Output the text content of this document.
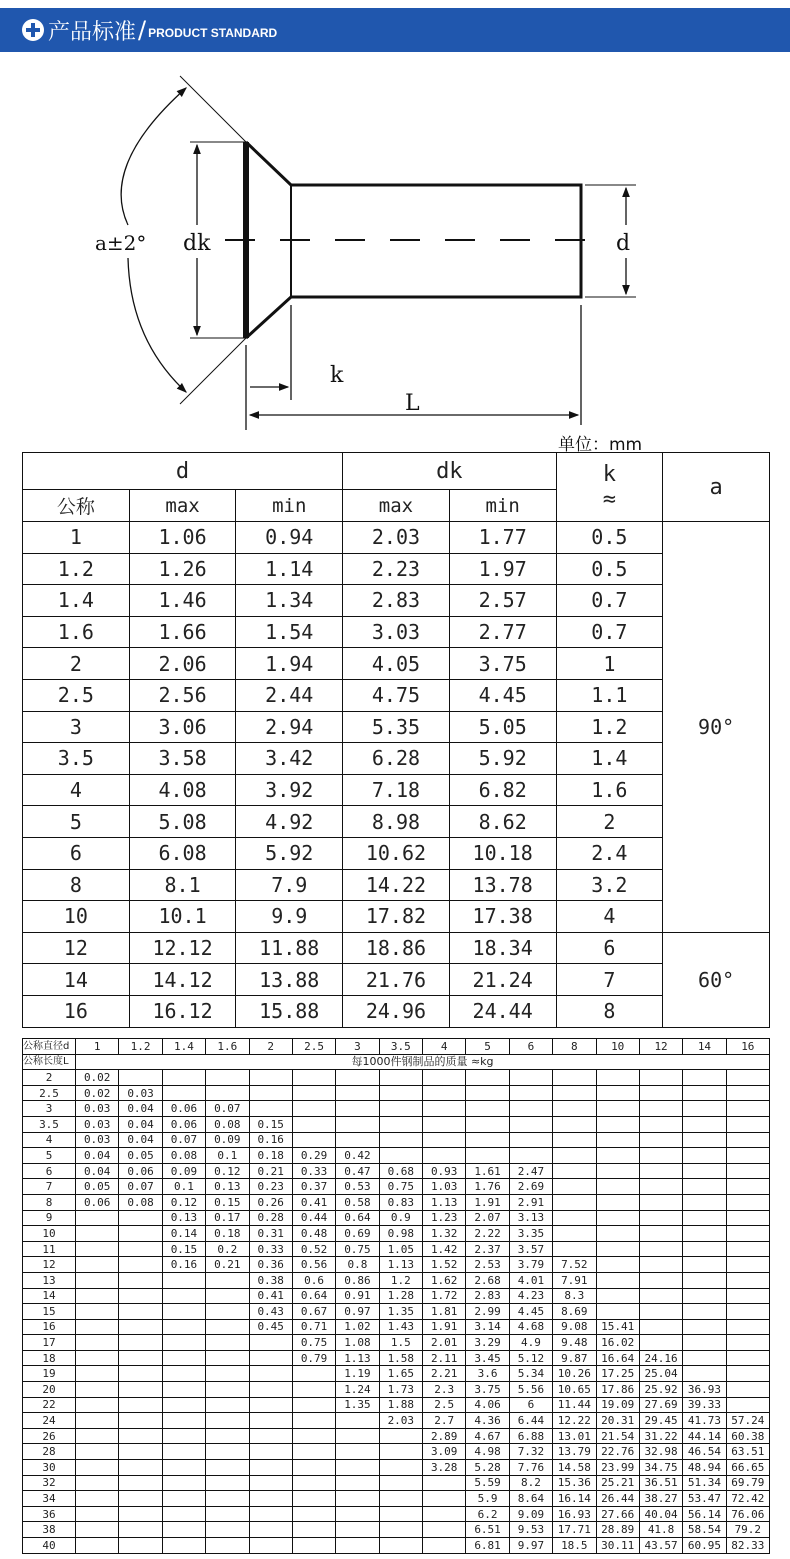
产品标准 / PRODUCT STANDARD
a±2° dk	d
k
L
单位：mm
d			dk		k
≈	a
公称	max	min	max	min		
1	1.06	0.94	2.03	1.77	0.5	90°
1.2	1.26	1.14	2.23	1.97	0.5	
1.4	1.46	1.34	2.83	2.57	0.7	
1.6	1.66	1.54	3.03	2.77	0.7	
2	2.06	1.94	4.05	3.75	1	
2.5	2.56	2.44	4.75	4.45	1.1	
3	3.06	2.94	5.35	5.05	1.2	
3.5	3.58	3.42	6.28	5.92	1.4	
4	4.08	3.92	7.18	6.82	1.6	
5	5.08	4.92	8.98	8.62	2	
6	6.08	5.92	10.62	10.18	2.4	
8	8.1	7.9	14.22	13.78	3.2	
10	10.1	9.9	17.82	17.38	4	
12	12.12	11.88	18.86	18.34	6	60°
14	14.12	13.88	21.76	21.24	7	
16	16.12	15.88	24.96	24.44	8	
公称直径d	1	1.2	1.4	1.6	2	2.5	3	3.5	4	5	6	8	10	12	14	16
公称长度L	每1000件钢制品的质量 ≈kg															
2	0.02															
2.5	0.02	0.03														
3	0.03	0.04	0.06	0.07												
3.5	0.03	0.04	0.06	0.08	0.15											
4	0.03	0.04	0.07	0.09	0.16											
5	0.04	0.05	0.08	0.1	0.18	0.29	0.42									
6	0.04	0.06	0.09	0.12	0.21	0.33	0.47	0.68	0.93	1.61	2.47					
7	0.05	0.07	0.1	0.13	0.23	0.37	0.53	0.75	1.03	1.76	2.69					
8	0.06	0.08	0.12	0.15	0.26	0.41	0.58	0.83	1.13	1.91	2.91					
9			0.13	0.17	0.28	0.44	0.64	0.9	1.23	2.07	3.13					
10			0.14	0.18	0.31	0.48	0.69	0.98	1.32	2.22	3.35					
11			0.15	0.2	0.33	0.52	0.75	1.05	1.42	2.37	3.57					
12			0.16	0.21	0.36	0.56	0.8	1.13	1.52	2.53	3.79	7.52				
13					0.38	0.6	0.86	1.2	1.62	2.68	4.01	7.91				
14					0.41	0.64	0.91	1.28	1.72	2.83	4.23	8.3				
15					0.43	0.67	0.97	1.35	1.81	2.99	4.45	8.69				
16					0.45	0.71	1.02	1.43	1.91	3.14	4.68	9.08	15.41			
17						0.75	1.08	1.5	2.01	3.29	4.9	9.48	16.02			
18						0.79	1.13	1.58	2.11	3.45	5.12	9.87	16.64	24.16		
19							1.19	1.65	2.21	3.6	5.34	10.26	17.25	25.04		
20							1.24	1.73	2.3	3.75	5.56	10.65	17.86	25.92	36.93	
22							1.35	1.88	2.5	4.06	6	11.44	19.09	27.69	39.33	
24								2.03	2.7	4.36	6.44	12.22	20.31	29.45	41.73	57.24
26									2.89	4.67	6.88	13.01	21.54	31.22	44.14	60.38
28									3.09	4.98	7.32	13.79	22.76	32.98	46.54	63.51
30									3.28	5.28	7.76	14.58	23.99	34.75	48.94	66.65
32										5.59	8.2	15.36	25.21	36.51	51.34	69.79
34										5.9	8.64	16.14	26.44	38.27	53.47	72.42
36										6.2	9.09	16.93	27.66	40.04	56.14	76.06
38										6.51	9.53	17.71	28.89	41.8	58.54	79.2
40										6.81	9.97	18.5	30.11	43.57	60.95	82.33
